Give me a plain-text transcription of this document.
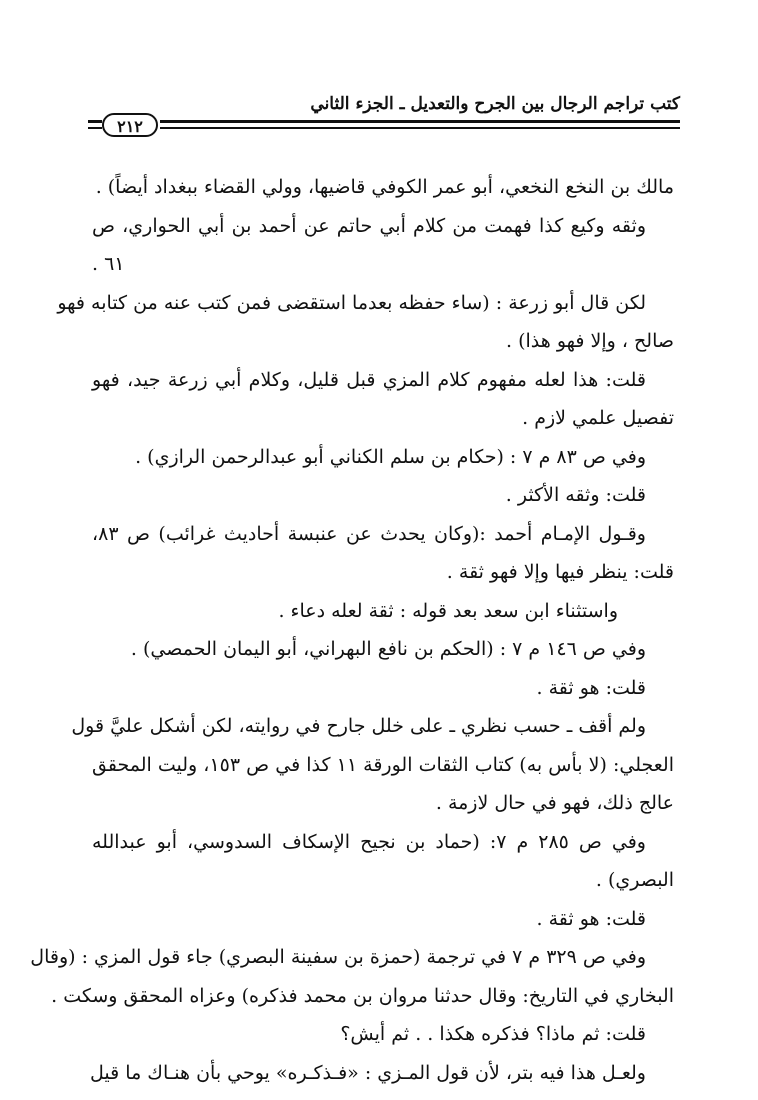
كتب تراجم الرجال بين الجرح والتعديل ـ الجزء الثاني
٢١٢
مالك بن النخع النخعي، أبو عمر الكوفي قاضيها، وولي القضاء ببغداد أيضاً) .
وثقه وكيع كذا فهمت من كلام أبي حاتم عن أحمد بن أبي الحواري، ص
٦١ .
لكن قال أبو زرعة : (ساء حفظه بعدما استقضى فمن كتب عنه من كتابه فهو
صالح ، وإلا فهو هذا) .
قلت: هذا لعله مفهوم كلام المزي قبل قليل، وكلام أبي زرعة جيد، فهو
تفصيل علمي لازم .
وفي ص ٨٣ م ٧ : (حكام بن سلم الكناني أبو عبدالرحمن الرازي) .
قلت: وثقه الأكثر .
وقـول الإمـام أحمد :(وكان يحدث عن عنبسة أحاديث غرائب) ص ٨٣،
قلت: ينظر فيها وإلا فهو ثقة .
واستثناء ابن سعد بعد قوله : ثقة لعله دعاء .
وفي ص ١٤٦ م ٧ : (الحكم بن نافع البهراني، أبو اليمان الحمصي) .
قلت: هو ثقة .
ولم أقف ـ حسب نظري ـ على خلل جارح في روايته، لكن أشكل عليَّ قول
العجلي: (لا بأس به) كتاب الثقات الورقة ١١ كذا في ص ١٥٣، وليت المحقق
عالج ذلك، فهو في حال لازمة .
وفي ص ٢٨٥ م ٧: (حماد بن نجيح الإسكاف السدوسي، أبو عبدالله
البصري) .
قلت: هو ثقة .
وفي ص ٣٢٩ م ٧ في ترجمة (حمزة بن سفينة البصري) جاء قول المزي : (وقال
البخاري في التاريخ: وقال حدثنا مروان بن محمد فذكره) وعزاه المحقق وسكت .
قلت: ثم ماذا؟ فذكره هكذا . . ثم أيش؟
ولعـل هذا فيه بتر، لأن قول المـزي : «فـذكـره» يوحي بأن هنـاك ما قيل
